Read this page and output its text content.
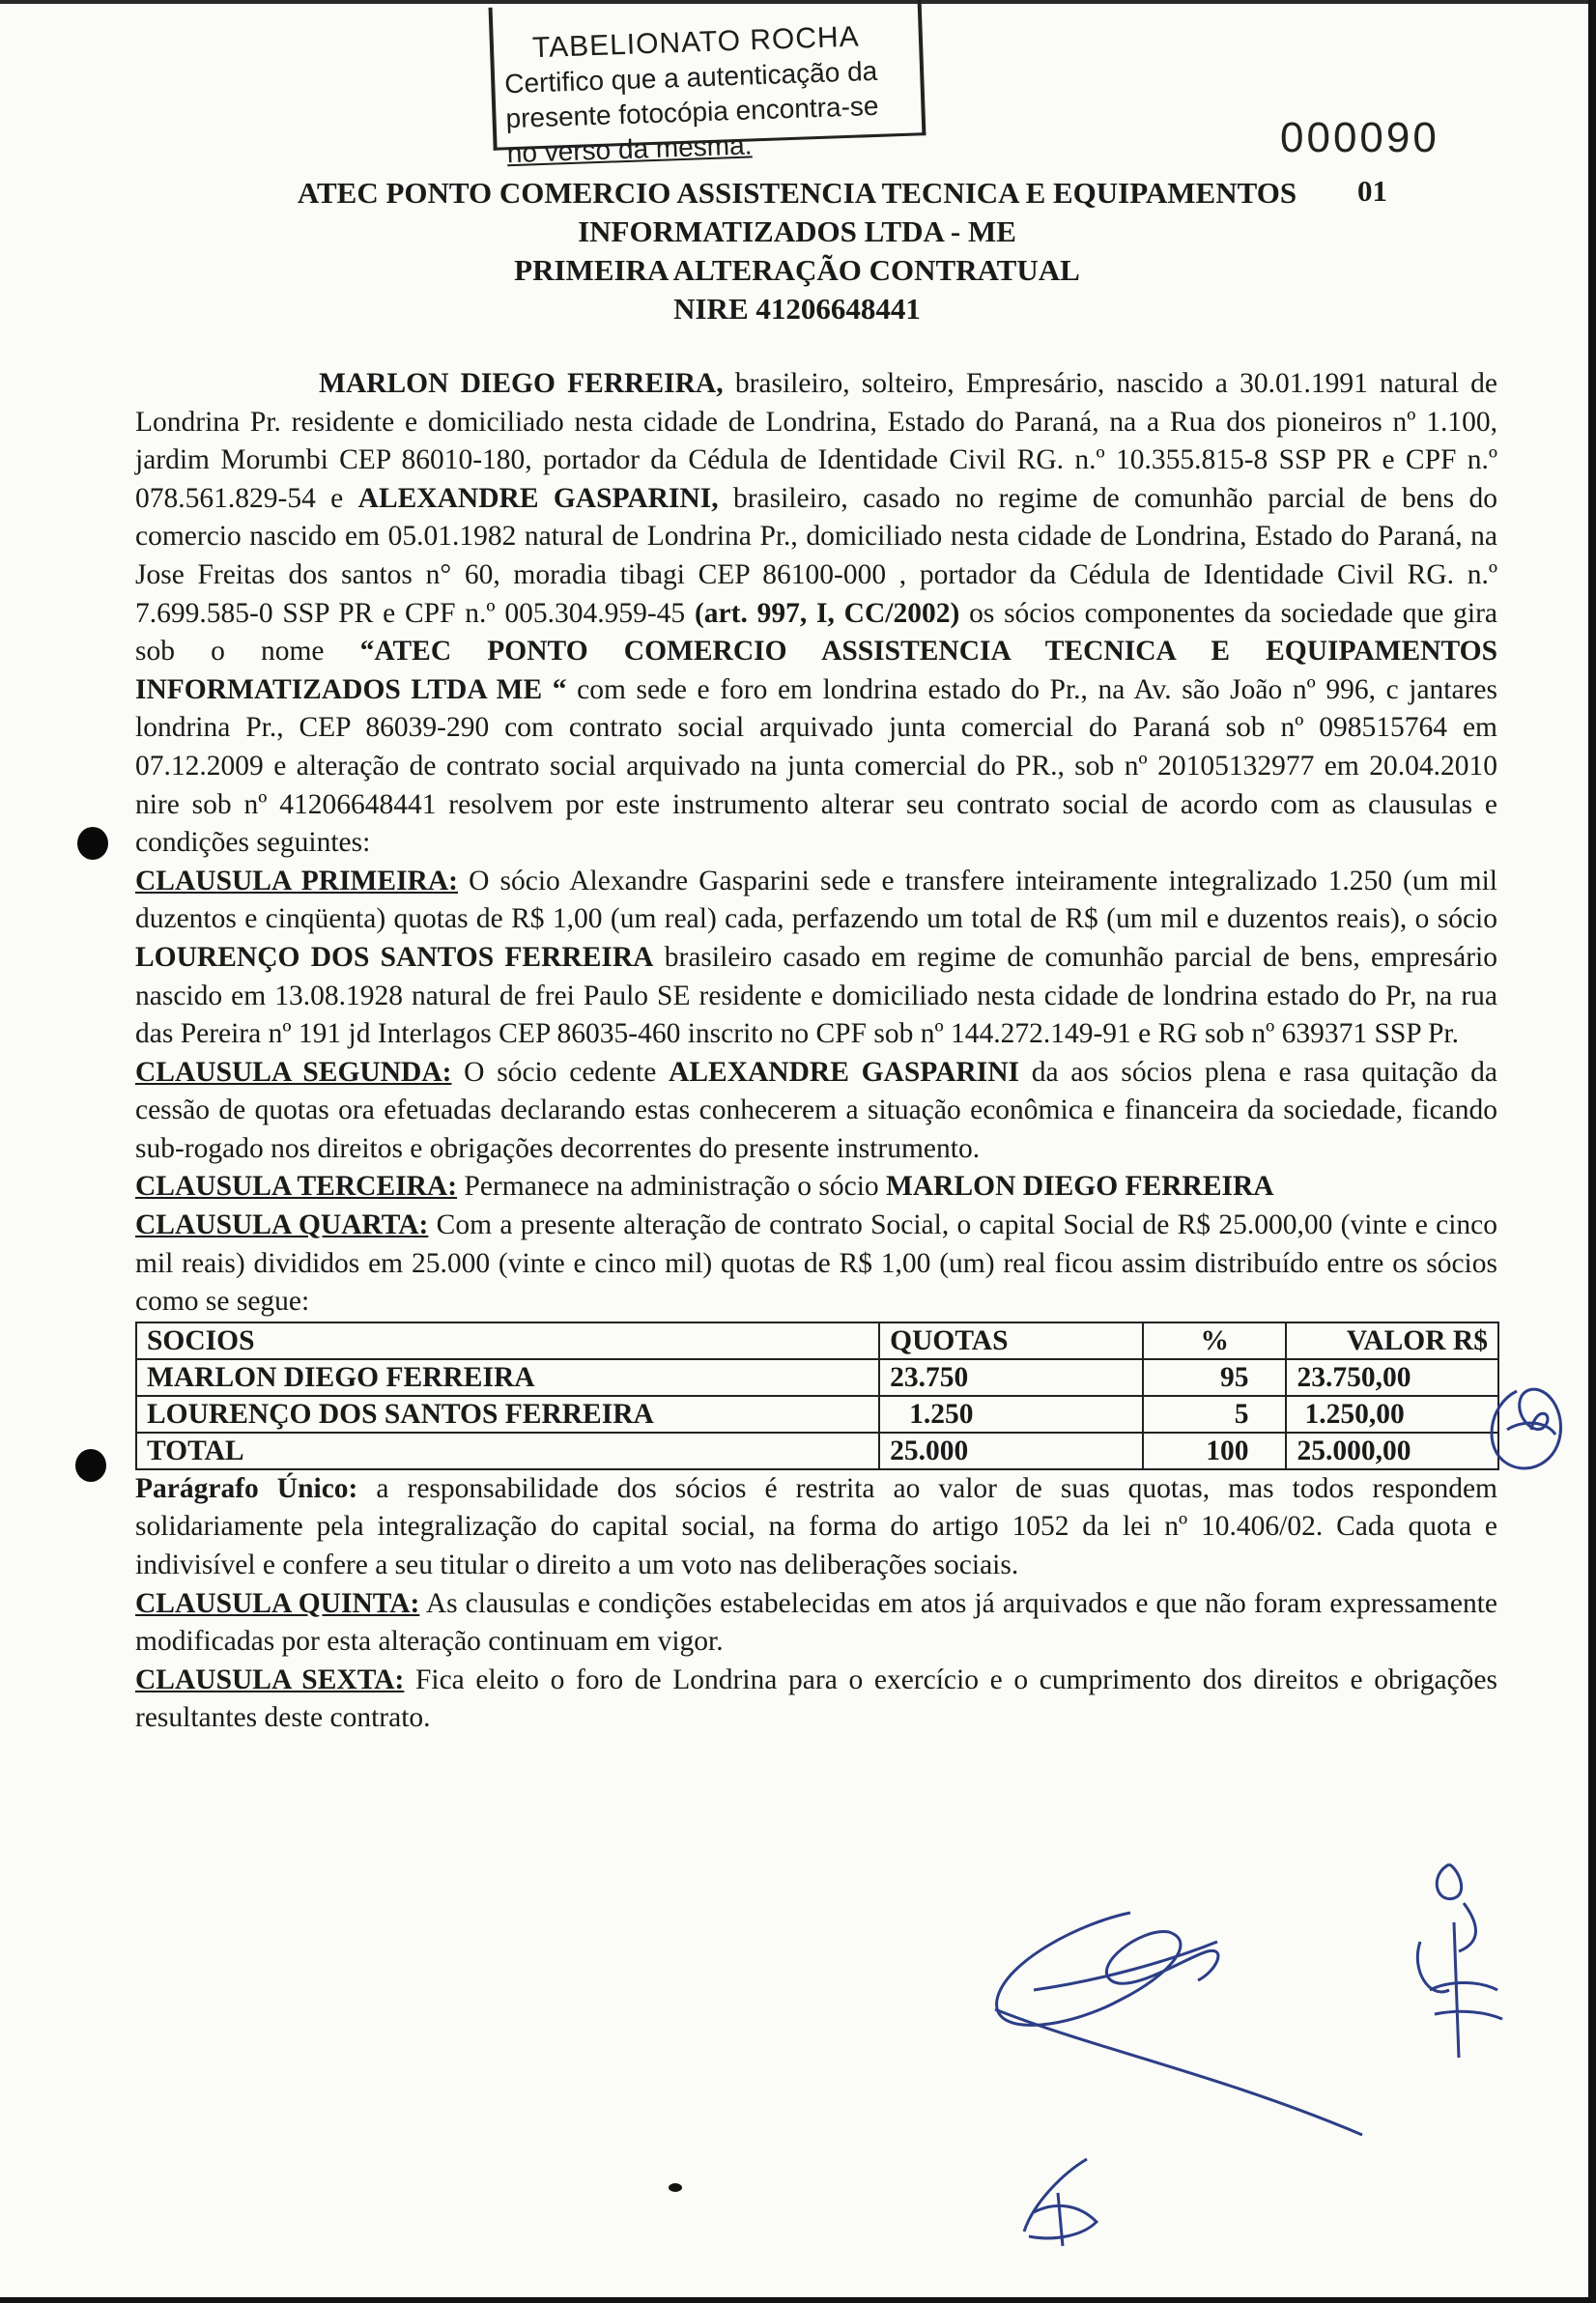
TABELIONATO ROCHA
Certifico que a autenticação da
presente fotocópia encontra-se
no verso da mesma.	000090
ATEC PONTO COMERCIO ASSISTENCIA TECNICA E EQUIPAMENTOS
INFORMATIZADOS LTDA - ME
PRIMEIRA ALTERAÇÃO CONTRATUAL
NIRE 41206648441
01

MARLON DIEGO FERREIRA, brasileiro, solteiro, Empresário, nascido a 30.01.1991 natural de Londrina Pr. residente e domiciliado nesta cidade de Londrina, Estado do Paraná, na a Rua dos pioneiros nº 1.100, jardim Morumbi CEP 86010-180, portador da Cédula de Identidade Civil RG. n.º 10.355.815-8 SSP PR e CPF n.º 078.561.829-54 e ALEXANDRE GASPARINI, brasileiro, casado no regime de comunhão parcial de bens do comercio nascido em 05.01.1982 natural de Londrina Pr., domiciliado nesta cidade de Londrina, Estado do Paraná, na Jose Freitas dos santos n° 60, moradia tibagi CEP 86100-000 , portador da Cédula de Identidade Civil RG. n.º 7.699.585-0 SSP PR e CPF n.º 005.304.959-45 (art. 997, I, CC/2002) os sócios componentes da sociedade que gira sob o nome “ATEC PONTO COMERCIO ASSISTENCIA TECNICA E EQUIPAMENTOS INFORMATIZADOS LTDA ME “ com sede e foro em londrina estado do Pr., na Av. são João nº 996, c jantares londrina Pr., CEP 86039-290 com contrato social arquivado junta comercial do Paraná sob nº 098515764 em 07.12.2009 e alteração de contrato social arquivado na junta comercial do PR., sob nº 20105132977 em 20.04.2010 nire sob nº 41206648441 resolvem por este instrumento alterar seu contrato social de acordo com as clausulas e condições seguintes:

CLAUSULA PRIMEIRA: O sócio Alexandre Gasparini sede e transfere inteiramente integralizado 1.250 (um mil duzentos e cinqüenta) quotas de R$ 1,00 (um real) cada, perfazendo um total de R$ (um mil e duzentos reais), o sócio LOURENÇO DOS SANTOS FERREIRA brasileiro casado em regime de comunhão parcial de bens, empresário nascido em 13.08.1928 natural de frei Paulo SE residente e domiciliado nesta cidade de londrina estado do Pr, na rua das Pereira nº 191 jd Interlagos CEP 86035-460 inscrito no CPF sob nº 144.272.149-91 e RG sob nº 639371 SSP Pr.

CLAUSULA SEGUNDA: O sócio cedente ALEXANDRE GASPARINI da aos sócios plena e rasa quitação da cessão de quotas ora efetuadas declarando estas conhecerem a situação econômica e financeira da sociedade, ficando sub-rogado nos direitos e obrigações decorrentes do presente instrumento.

CLAUSULA TERCEIRA: Permanece na administração o sócio MARLON DIEGO FERREIRA

CLAUSULA QUARTA: Com a presente alteração de contrato Social, o capital Social de R$ 25.000,00 (vinte e cinco mil reais) divididos em 25.000 (vinte e cinco mil) quotas de R$ 1,00 (um) real ficou assim distribuído entre os sócios como se segue:

SOCIOS	QUOTAS	%	VALOR R$
MARLON DIEGO FERREIRA	23.750	95	23.750,00
LOURENÇO DOS SANTOS FERREIRA	1.250	5	1.250,00
TOTAL	25.000	100	25.000,00

Parágrafo Único: a responsabilidade dos sócios é restrita ao valor de suas quotas, mas todos respondem solidariamente pela integralização do capital social, na forma do artigo 1052 da lei nº 10.406/02. Cada quota e indivisível e confere a seu titular o direito a um voto nas deliberações sociais.

CLAUSULA QUINTA: As clausulas e condições estabelecidas em atos já arquivados e que não foram expressamente modificadas por esta alteração continuam em vigor.

CLAUSULA SEXTA: Fica eleito o foro de Londrina para o exercício e o cumprimento dos direitos e obrigações resultantes deste contrato.
